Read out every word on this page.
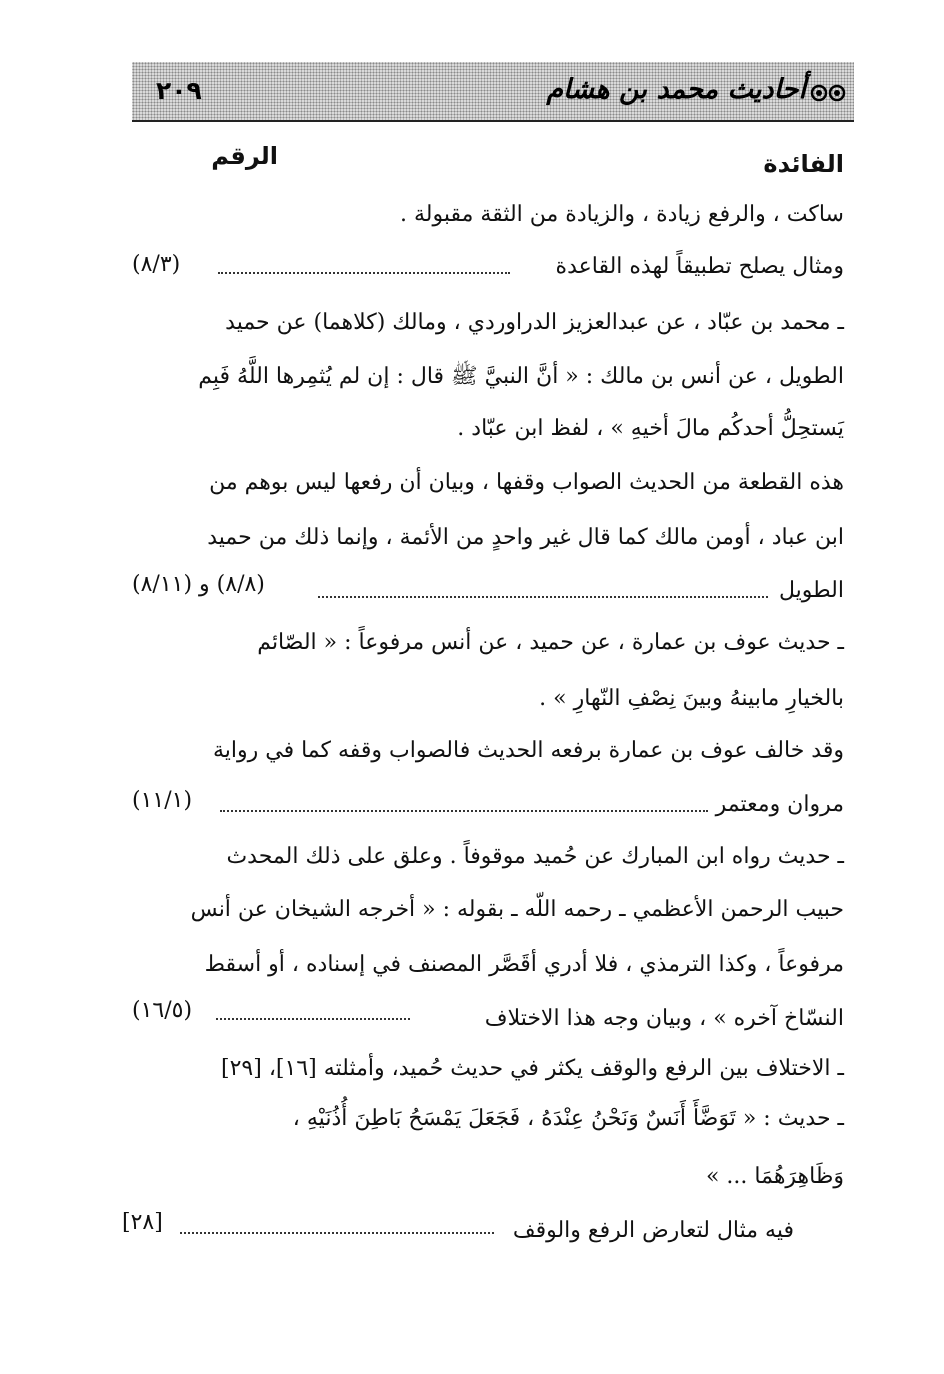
أحاديث محمد بن هشام
٢٠٩
الفائدة
الرقم
ساكت ، والرفع زيادة ، والزيادة من الثقة مقبولة .
ومثال يصلح تطبيقاً لهذه القاعدة
(٨/٣)
ـ محمد بن عبّاد ، عن عبدالعزيز الدراوردي ، ومالك (كلاهما) عن حميد
الطويل ، عن أنس بن مالك : « أنَّ النبيَّ ﷺ قال : إن لم يُثمِرها اللَّهُ فَبِم
يَستحِلُّ أحدكُم مالَ أخيهِ » ، لفظ ابن عبّاد .
هذه القطعة من الحديث الصواب وقفها ، وبيان أن رفعها ليس بوهم من
ابن عباد ، أومن مالك كما قال غير واحدٍ من الأئمة ، وإنما ذلك من حميد
الطويل
(٨/٨) و (٨/١١)
ـ حديث عوف بن عمارة ، عن حميد ، عن أنس مرفوعاً : « الصّائم
بالخيارِ مابينهُ وبينَ نِصْفِ النّهارِ » .
وقد خالف عوف بن عمارة برفعه الحديث فالصواب وقفه كما في رواية
مروان ومعتمر
(١١/١)
ـ حديث رواه ابن المبارك عن حُميد موقوفاً . وعلق على ذلك المحدث
حبيب الرحمن الأعظمي ـ رحمه اللّه ـ بقوله : « أخرجه الشيخان عن أنس
مرفوعاً ، وكذا الترمذي ، فلا أدري أقَصَّر المصنف في إسناده ، أو أسقط
النسّاخ آخره » ، وبيان وجه هذا الاختلاف
(١٦/٥)
ـ الاختلاف بين الرفع والوقف يكثر في حديث حُميد، وأمثلته [١٦]، [٢٩]
ـ حديث : « تَوَضَّأَ أَنَسٌ وَنَحْنُ عِنْدَهُ ، فَجَعَلَ يَمْسَحُ بَاطِنَ أُذُنَيْهِ ،
وَظَاهِرَهُمَا ... »
فيه مثال لتعارض الرفع والوقف
[٢٨]
